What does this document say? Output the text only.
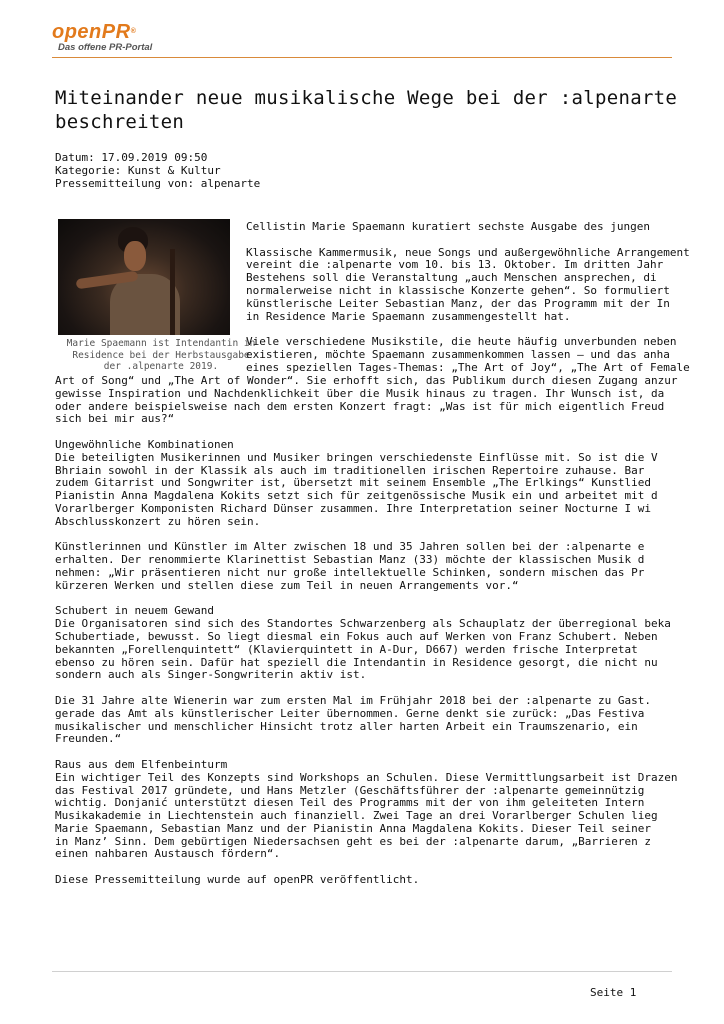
openPR®
Das offene PR-Portal
Miteinander neue musikalische Wege bei der :alpenarte
beschreiten
Datum: 17.09.2019 09:50
Kategorie: Kunst & Kultur
Pressemitteilung von: alpenarte
Marie Spaemann ist Intendantin in
Residence bei der Herbstausgabe
der .alpenarte 2019.
Cellistin Marie Spaemann kuratiert sechste Ausgabe des jungen
Klassische Kammermusik, neue Songs und außergewöhnliche Arrangement
vereint die :alpenarte vom 10. bis 13. Oktober. Im dritten Jahr
Bestehens soll die Veranstaltung „auch Menschen ansprechen, di
normalerweise nicht in klassische Konzerte gehen“. So formuliert
künstlerische Leiter Sebastian Manz, der das Programm mit der In
in Residence Marie Spaemann zusammengestellt hat.
Viele verschiedene Musikstile, die heute häufig unverbunden neben
existieren, möchte Spaemann zusammenkommen lassen – und das anha
eines speziellen Tages-Themas: „The Art of Joy“, „The Art of Female
Art of Song“ und „The Art of Wonder“. Sie erhofft sich, das Publikum durch diesen Zugang anzur
gewisse Inspiration und Nachdenklichkeit über die Musik hinaus zu tragen. Ihr Wunsch ist, da
oder andere beispielsweise nach dem ersten Konzert fragt: „Was ist für mich eigentlich Freud
sich bei mir aus?“
Ungewöhnliche Kombinationen
Die beteiligten Musikerinnen und Musiker bringen verschiedenste Einflüsse mit. So ist die V
Bhriain sowohl in der Klassik als auch im traditionellen irischen Repertoire zuhause. Bar
zudem Gitarrist und Songwriter ist, übersetzt mit seinem Ensemble „The Erlkings“ Kunstlied
Pianistin Anna Magdalena Kokits setzt sich für zeitgenössische Musik ein und arbeitet mit d
Vorarlberger Komponisten Richard Dünser zusammen. Ihre Interpretation seiner Nocturne I wi
Abschlusskonzert zu hören sein.
Künstlerinnen und Künstler im Alter zwischen 18 und 35 Jahren sollen bei der :alpenarte e
erhalten. Der renommierte Klarinettist Sebastian Manz (33) möchte der klassischen Musik d
nehmen: „Wir präsentieren nicht nur große intellektuelle Schinken, sondern mischen das Pr
kürzeren Werken und stellen diese zum Teil in neuen Arrangements vor.“
Schubert in neuem Gewand
Die Organisatoren sind sich des Standortes Schwarzenberg als Schauplatz der überregional beka
Schubertiade, bewusst. So liegt diesmal ein Fokus auch auf Werken von Franz Schubert. Neben
bekannten „Forellenquintett“ (Klavierquintett in A-Dur, D667) werden frische Interpretat
ebenso zu hören sein. Dafür hat speziell die Intendantin in Residence gesorgt, die nicht nu
sondern auch als Singer-Songwriterin aktiv ist.
Die 31 Jahre alte Wienerin war zum ersten Mal im Frühjahr 2018 bei der :alpenarte zu Gast.
gerade das Amt als künstlerischer Leiter übernommen. Gerne denkt sie zurück: „Das Festiva
musikalischer und menschlicher Hinsicht trotz aller harten Arbeit ein Traumszenario, ein
Freunden.“
Raus aus dem Elfenbeinturm
Ein wichtiger Teil des Konzepts sind Workshops an Schulen. Diese Vermittlungsarbeit ist Drazen
das Festival 2017 gründete, und Hans Metzler (Geschäftsführer der :alpenarte gemeinnützig
wichtig. Donjanić unterstützt diesen Teil des Programms mit der von ihm geleiteten Intern
Musikakademie in Liechtenstein auch finanziell. Zwei Tage an drei Vorarlberger Schulen lieg
Marie Spaemann, Sebastian Manz und der Pianistin Anna Magdalena Kokits. Dieser Teil seiner
in Manz’ Sinn. Dem gebürtigen Niedersachsen geht es bei der :alpenarte darum, „Barrieren z
einen nahbaren Austausch fördern“.
Diese Pressemitteilung wurde auf openPR veröffentlicht.
Seite 1
